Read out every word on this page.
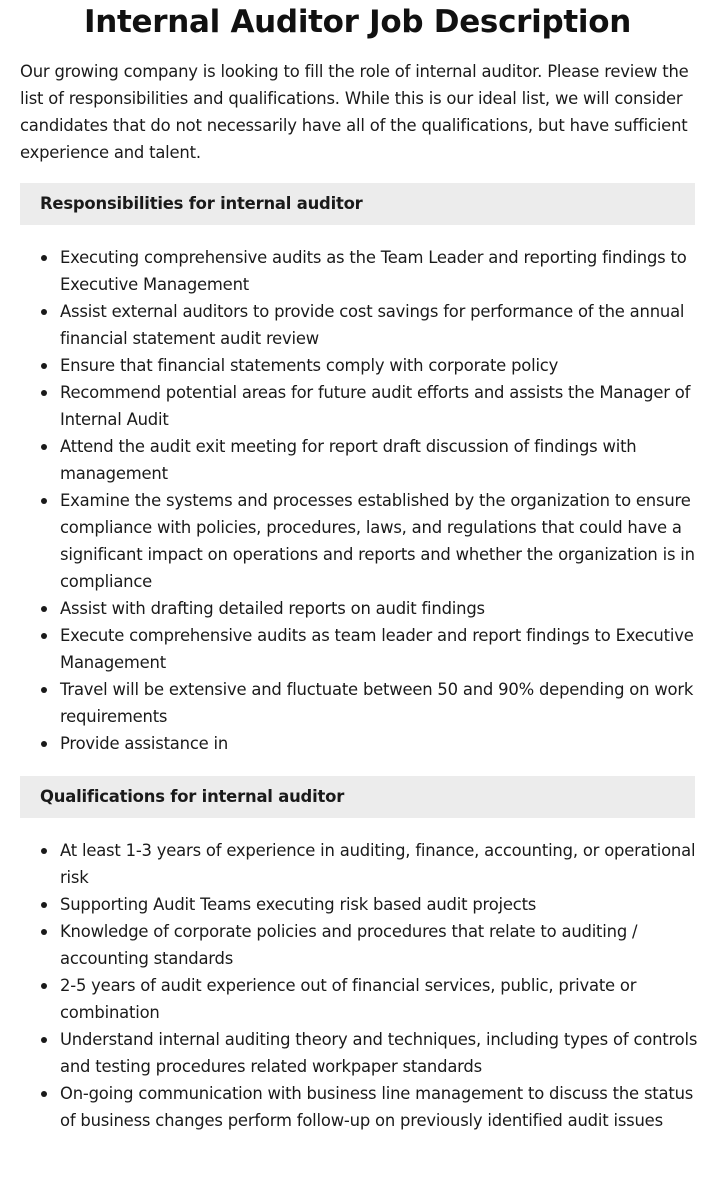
Internal Auditor Job Description

Our growing company is looking to fill the role of internal auditor. Please review the list of responsibilities and qualifications. While this is our ideal list, we will consider candidates that do not necessarily have all of the qualifications, but have sufficient experience and talent.

Responsibilities for internal auditor
Executing comprehensive audits as the Team Leader and reporting findings to Executive Management
Assist external auditors to provide cost savings for performance of the annual financial statement audit review
Ensure that financial statements comply with corporate policy
Recommend potential areas for future audit efforts and assists the Manager of Internal Audit
Attend the audit exit meeting for report draft discussion of findings with management
Examine the systems and processes established by the organization to ensure compliance with policies, procedures, laws, and regulations that could have a significant impact on operations and reports and whether the organization is in compliance
Assist with drafting detailed reports on audit findings
Execute comprehensive audits as team leader and report findings to Executive Management
Travel will be extensive and fluctuate between 50 and 90% depending on work requirements
Provide assistance in
Qualifications for internal auditor
At least 1-3 years of experience in auditing, finance, accounting, or operational risk
Supporting Audit Teams executing risk based audit projects
Knowledge of corporate policies and procedures that relate to auditing / accounting standards
2-5 years of audit experience out of financial services, public, private or combination
Understand internal auditing theory and techniques, including types of controls and testing procedures related workpaper standards
On-going communication with business line management to discuss the status of business changes perform follow-up on previously identified audit issues
